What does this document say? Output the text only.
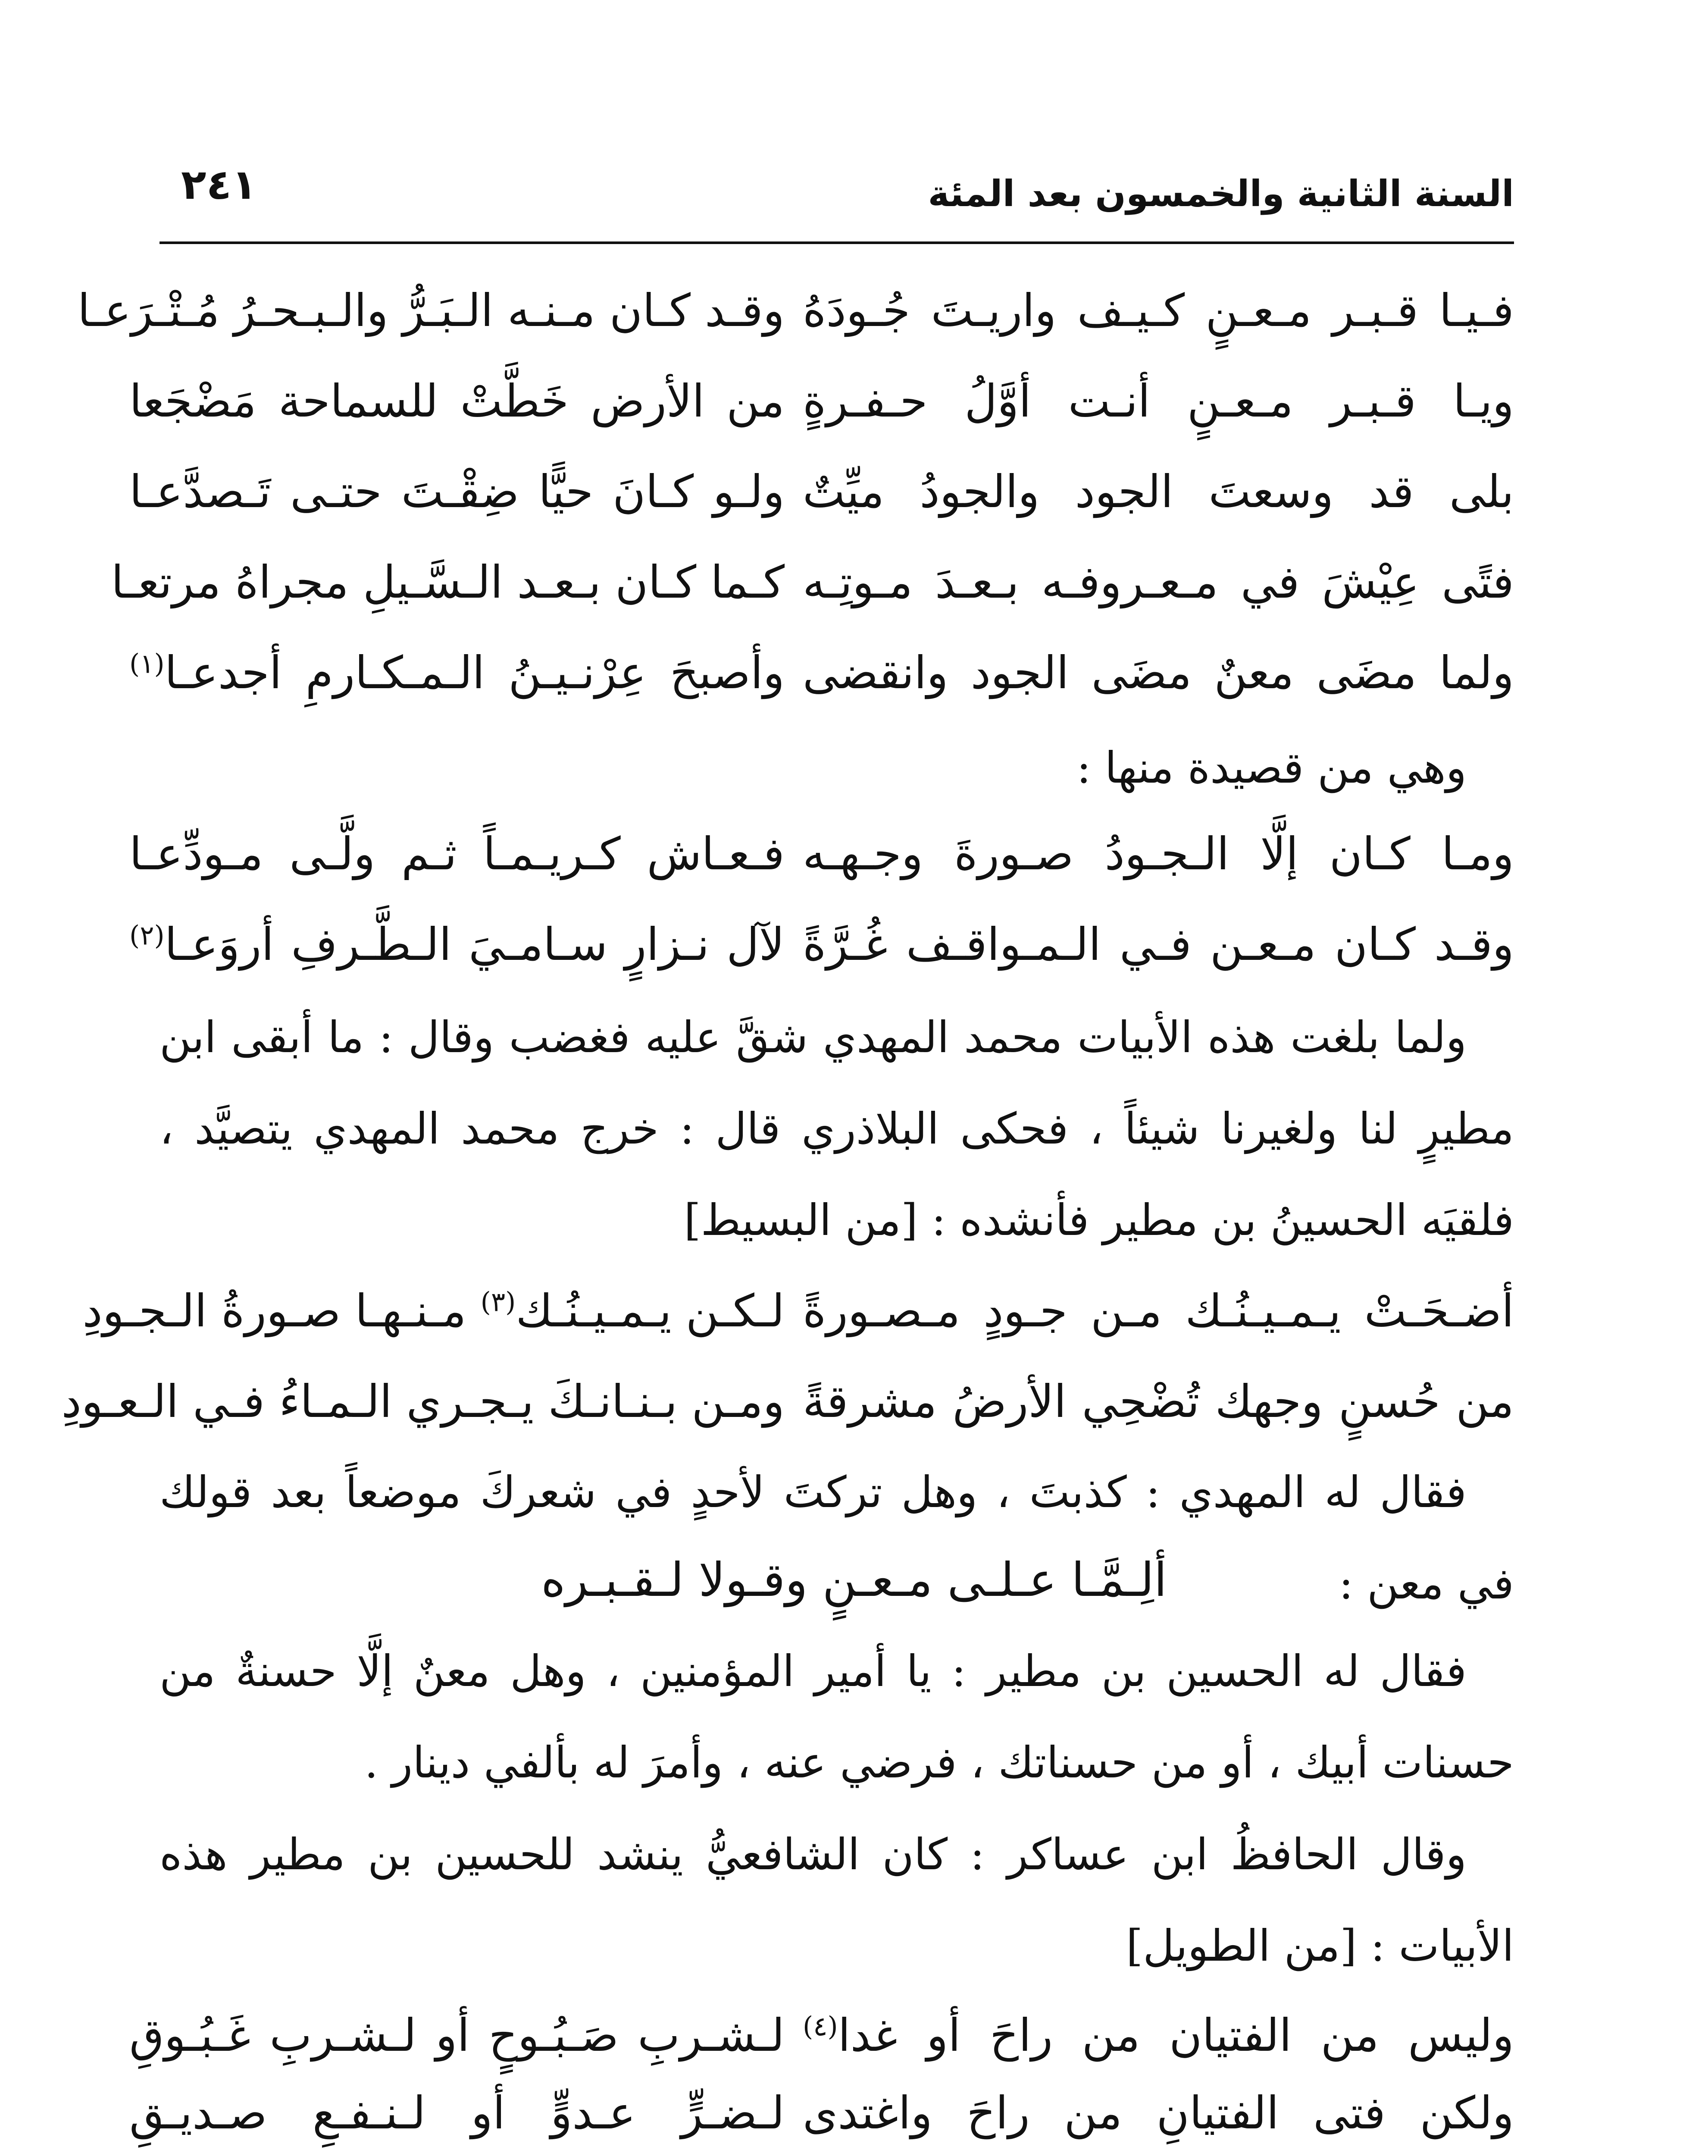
السنة الثانية والخمسون بعد المئة
٢٤١
فـيـا قـبـر مـعـنٍ كـيـف واريـتَ جُـودَهُ
وقـد كـان مـنـه الـبَـرُّ والـبـحـرُ مُـتْـرَعـا
ويـا قـبـر مـعـنٍ أنـت أوَّلُ حـفـرةٍ
من الأرض خَطَّتْ للسماحة مَضْجَعا
بلى قد وسعتَ الجود والجودُ ميِّتٌ
ولـو كـانَ حيًّا ضِقْـتَ حتـى تَـصدَّعـا
فتًى عِيْشَ في مـعـروفـه بـعـدَ مـوتِـه
كـما كـان بـعـد الـسَّـيلِ مجراهُ مرتعـا
ولما مضَى معنٌ مضَى الجود وانقضى
وأصبحَ عِرْنـيـنُ الـمـكـارمِ أجدعـا$^{(١)}$
وهي من قصيدة منها :
ومـا كـان إلَّا الـجـودُ صـورةَ وجـهـه
فـعـاش كـريـمـاً ثـم ولَّـى مـودِّعـا
وقـد كـان مـعـن فـي الـمـواقـف غُـرَّةً
لآل نـزارٍ سـامـيَ الـطَّـرفِ أروَعـا$^{(٢)}$
ولما بلغت هذه الأبيات محمد المهدي شقَّ عليه فغضب وقال : ما أبقى ابن مطيرٍ لنا ولغيرنا شيئاً ، فحكى البلاذري قال : خرج محمد المهدي يتصيَّد ، فلقيَه الحسينُ بن مطير فأنشده : [من البسيط]
أضـحَـتْ يـمـيـنُـك مـن جـودٍ مـصـورةً
لـكـن يـمـيـنُـك$^{(٣)}$ مـنـهـا صـورةُ الـجـودِ
من حُسنٍ وجهك تُضْحِي الأرضُ مشرقةً
ومـن بـنـانـكَ يـجـري الـمـاءُ فـي الـعـودِ
فقال له المهدي : كذبتَ ، وهل تركتَ لأحدٍ في شعركَ موضعاً بعد قولك في معن :
ألِـمَّـا عـلـى مـعـنٍ وقـولا لـقـبـره
فقال له الحسين بن مطير : يا أمير المؤمنين ، وهل معنٌ إلَّا حسنةٌ من حسنات أبيك ، أو من حسناتك ، فرضي عنه ، وأمرَ له بألفي دينار .
وقال الحافظُ ابن عساكر : كان الشافعيُّ ينشد للحسين بن مطير هذه الأبيات : [من الطويل]
وليس من الفتيان من راحَ أو غدا$^{(٤)}$
لـشـربِ صَـبُـوحٍ أو لـشـربِ غَـبُـوقِ
ولكن فتى الفتيانِ من راحَ واغتدى
لـضـرٍّ عـدوٍّ أو لـنـفـعِ صـديـقِ
